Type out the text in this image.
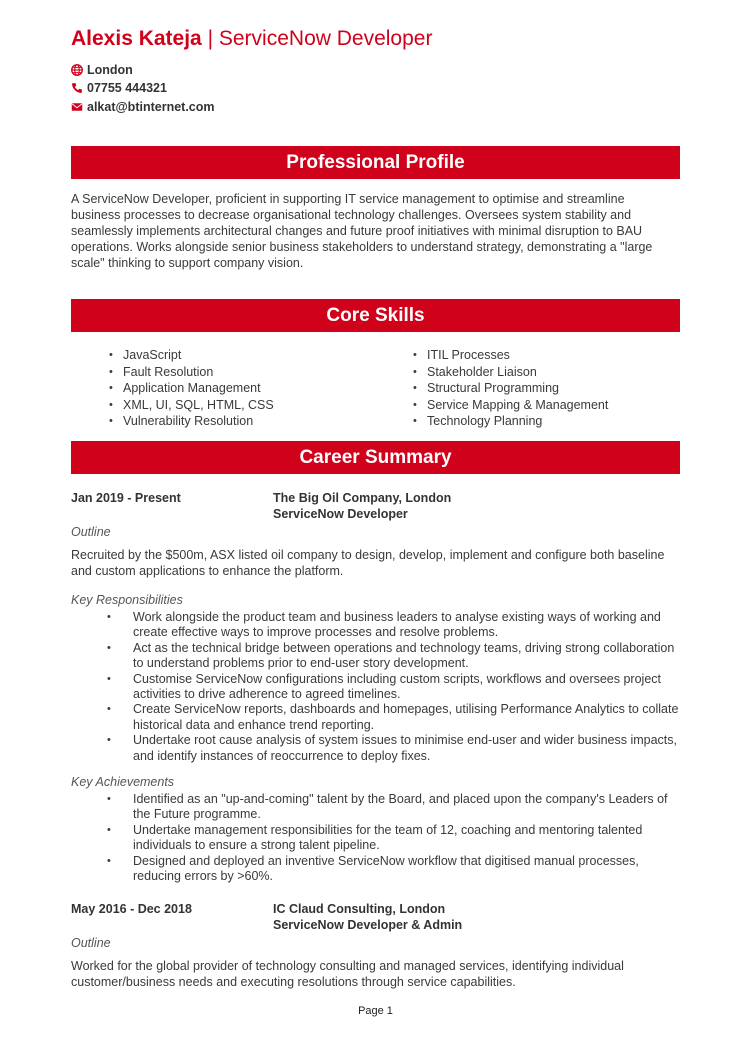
Alexis Kateja | ServiceNow Developer
London
07755 444321
alkat@btinternet.com
Professional Profile
A ServiceNow Developer, proficient in supporting IT service management to optimise and streamline business processes to decrease organisational technology challenges. Oversees system stability and seamlessly implements architectural changes and future proof initiatives with minimal disruption to BAU operations. Works alongside senior business stakeholders to understand strategy, demonstrating a "large scale" thinking to support company vision.
Core Skills
• JavaScript
• Fault Resolution
• Application Management
• XML, UI, SQL, HTML, CSS
• Vulnerability Resolution
• ITIL Processes
• Stakeholder Liaison
• Structural Programming
• Service Mapping & Management
• Technology Planning
Career Summary
Jan 2019 - Present	The Big Oil Company, London
ServiceNow Developer
Outline
Recruited by the $500m, ASX listed oil company to design, develop, implement and configure both baseline and custom applications to enhance the platform.
Key Responsibilities
• Work alongside the product team and business leaders to analyse existing ways of working and create effective ways to improve processes and resolve problems.
• Act as the technical bridge between operations and technology teams, driving strong collaboration to understand problems prior to end-user story development.
• Customise ServiceNow configurations including custom scripts, workflows and oversees project activities to drive adherence to agreed timelines.
• Create ServiceNow reports, dashboards and homepages, utilising Performance Analytics to collate historical data and enhance trend reporting.
• Undertake root cause analysis of system issues to minimise end-user and wider business impacts, and identify instances of reoccurrence to deploy fixes.
Key Achievements
• Identified as an "up-and-coming" talent by the Board, and placed upon the company's Leaders of the Future programme.
• Undertake management responsibilities for the team of 12, coaching and mentoring talented individuals to ensure a strong talent pipeline.
• Designed and deployed an inventive ServiceNow workflow that digitised manual processes, reducing errors by >60%.
May 2016 - Dec 2018	IC Claud Consulting, London
ServiceNow Developer & Admin
Outline
Worked for the global provider of technology consulting and managed services, identifying individual customer/business needs and executing resolutions through service capabilities.
Page 1
